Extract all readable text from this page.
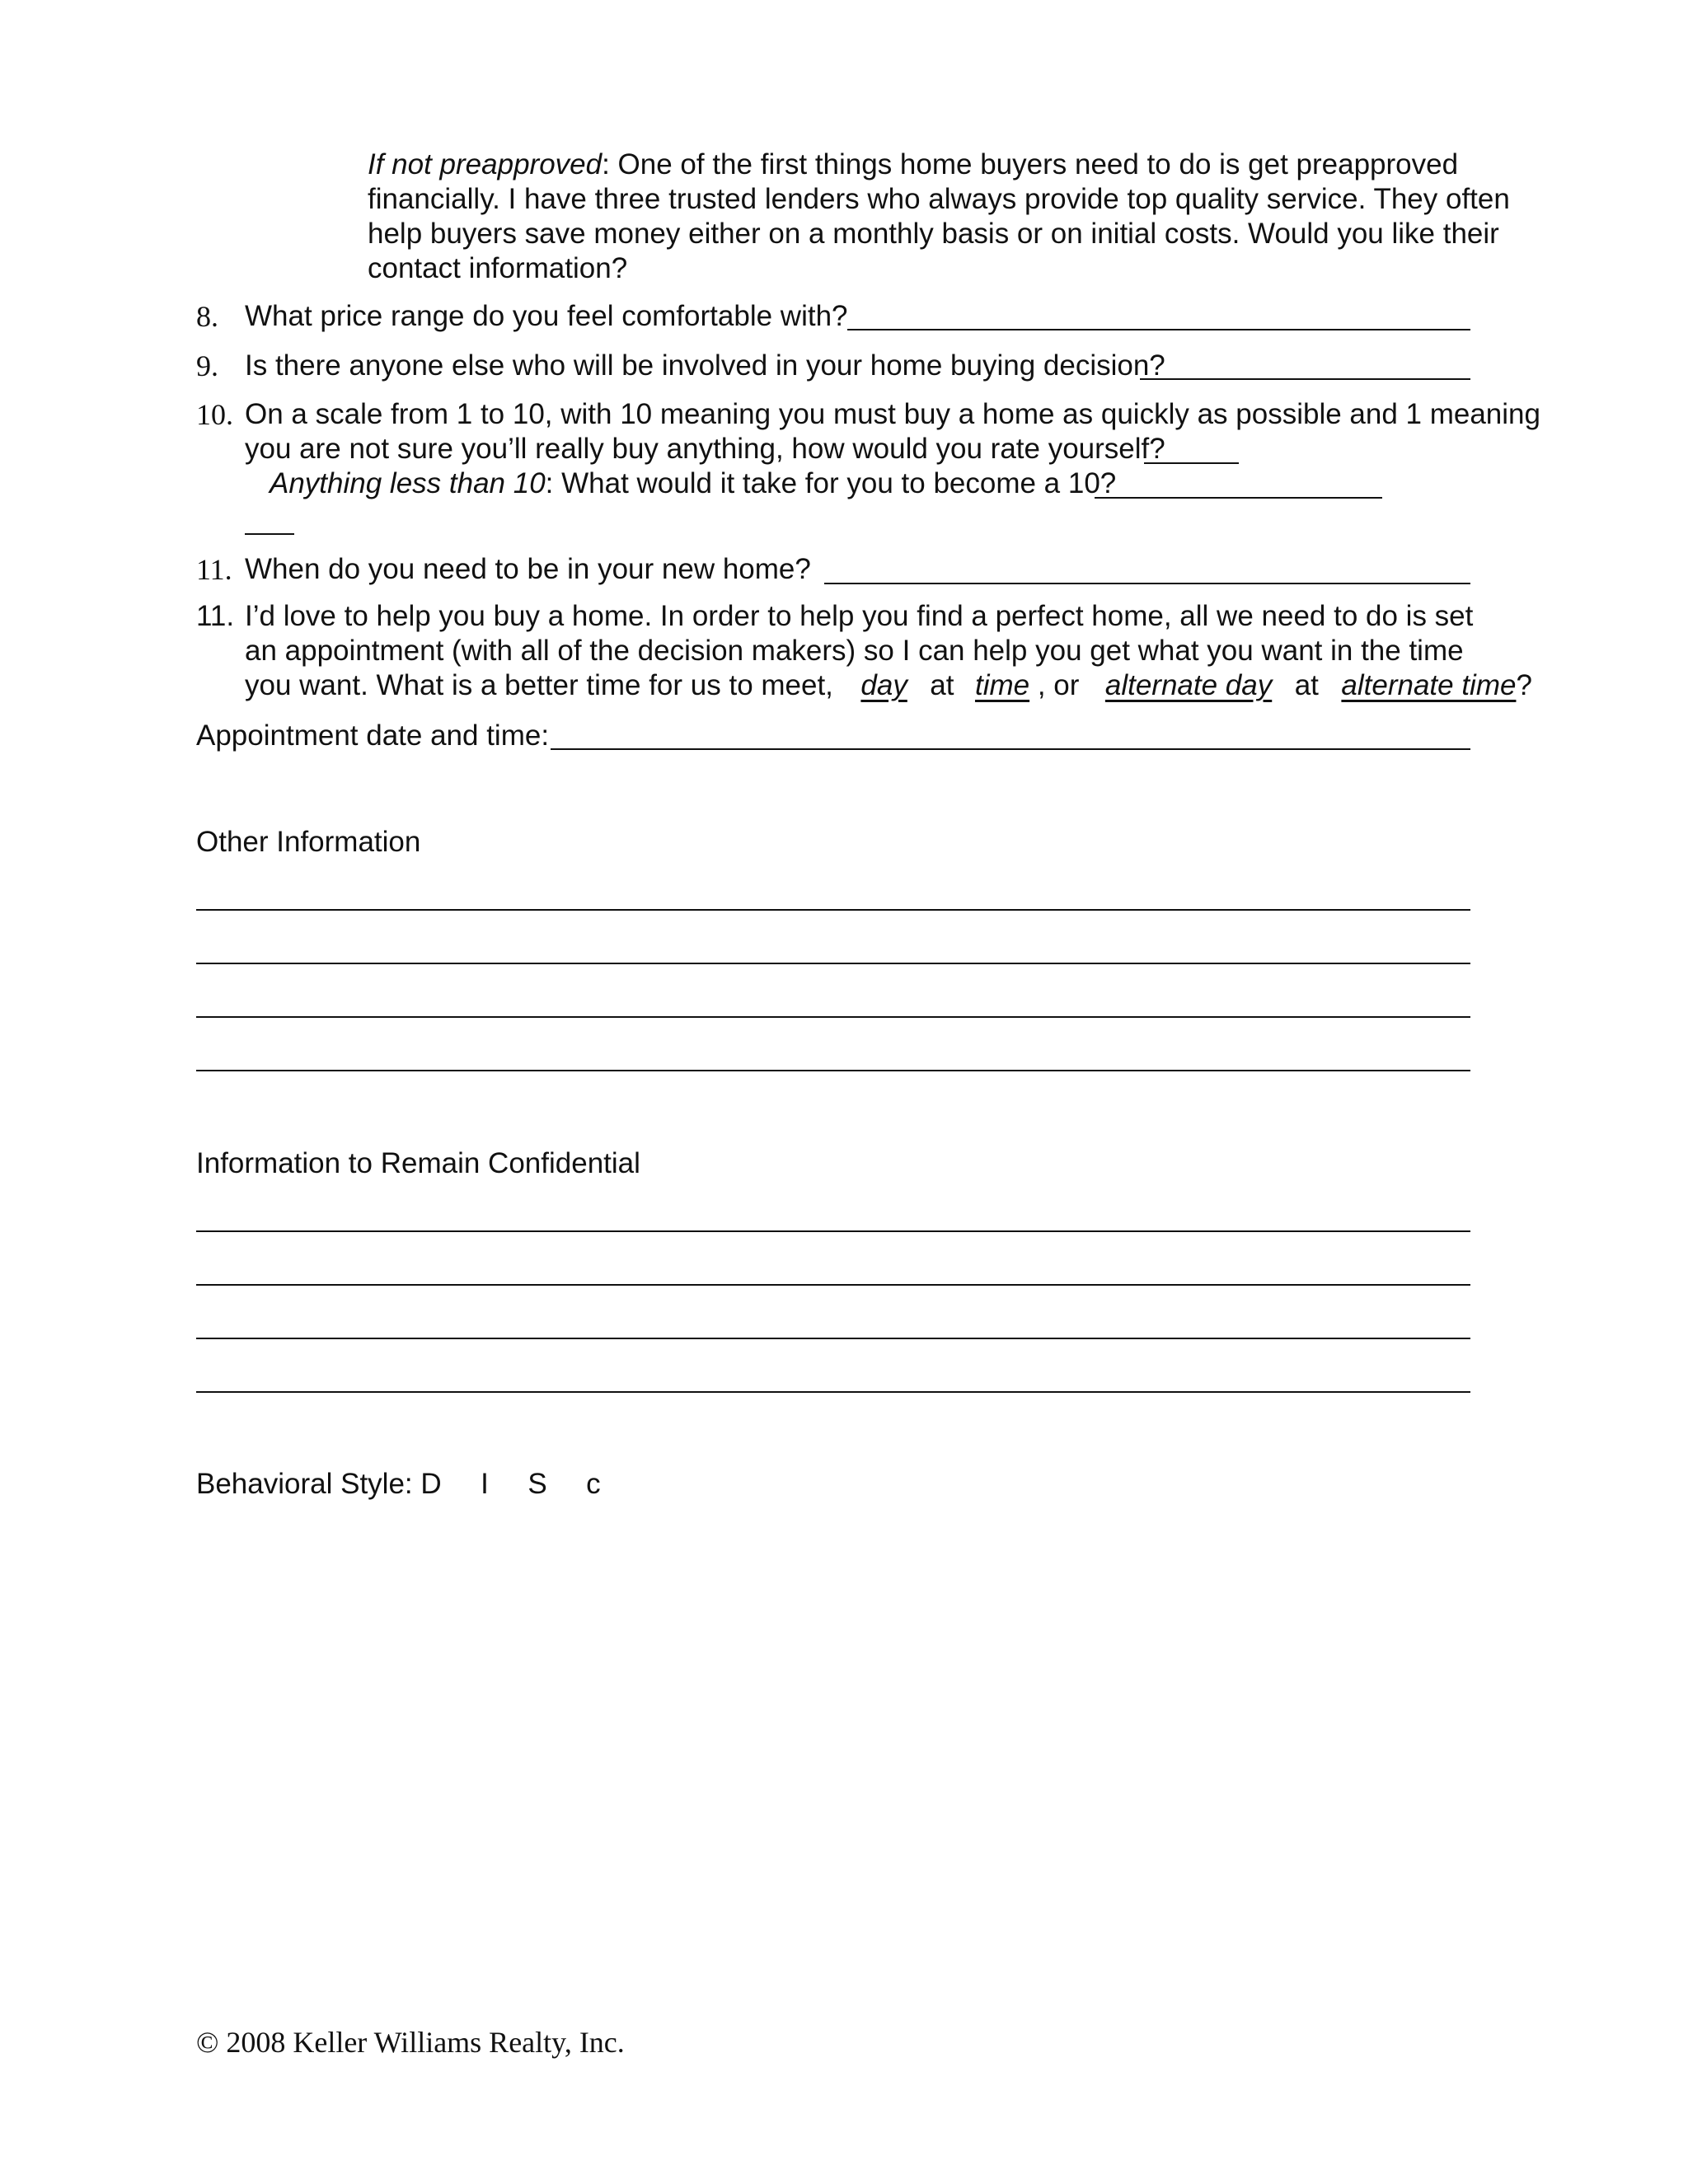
If not preapproved: One of the first things home buyers need to do is get preapproved
financially. I have three trusted lenders who always provide top quality service. They often
help buyers save money either on a monthly basis or on initial costs. Would you like their
contact information?
8. What price range do you feel comfortable with?
9. Is there anyone else who will be involved in your home buying decision?
10. On a scale from 1 to 10, with 10 meaning you must buy a home as quickly as possible and 1 meaning
you are not sure you’ll really buy anything, how would you rate yourself?
Anything less than 10: What would it take for you to become a 10?
11. When do you need to be in your new home?
11. I’d love to help you buy a home. In order to help you find a perfect home, all we need to do is set
an appointment (with all of the decision makers) so I can help you get what you want in the time
you want. What is a better time for us to meet, day at time , or alternate day at alternate time?
Appointment date and time:
Other Information
Information to Remain Confidential
Behavioral Style: D I S c
© 2008 Keller Williams Realty, Inc.
